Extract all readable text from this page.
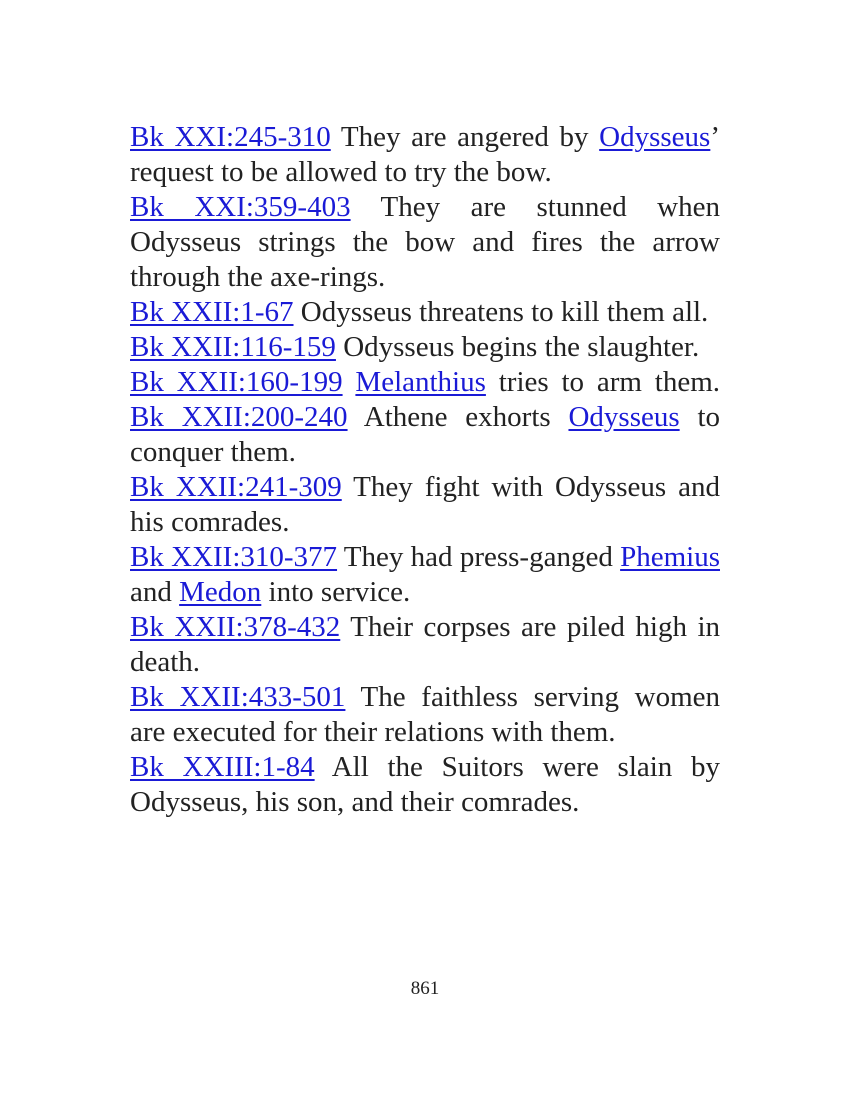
Bk XXI:245-310 They are angered by Odysseus’ request to be allowed to try the bow.

Bk XXI:359-403 They are stunned when Odysseus strings the bow and fires the arrow through the axe-rings.

Bk XXII:1-67 Odysseus threatens to kill them all.

Bk XXII:116-159 Odysseus begins the slaughter.

Bk XXII:160-199 Melanthius tries to arm them.

Bk XXII:200-240 Athene exhorts Odysseus to conquer them.

Bk XXII:241-309 They fight with Odysseus and his comrades.

Bk XXII:310-377 They had press-ganged Phemius and Medon into service.

Bk XXII:378-432 Their corpses are piled high in death.

Bk XXII:433-501 The faithless serving women are executed for their relations with them.

Bk XXIII:1-84 All the Suitors were slain by Odysseus, his son, and their comrades.

861
